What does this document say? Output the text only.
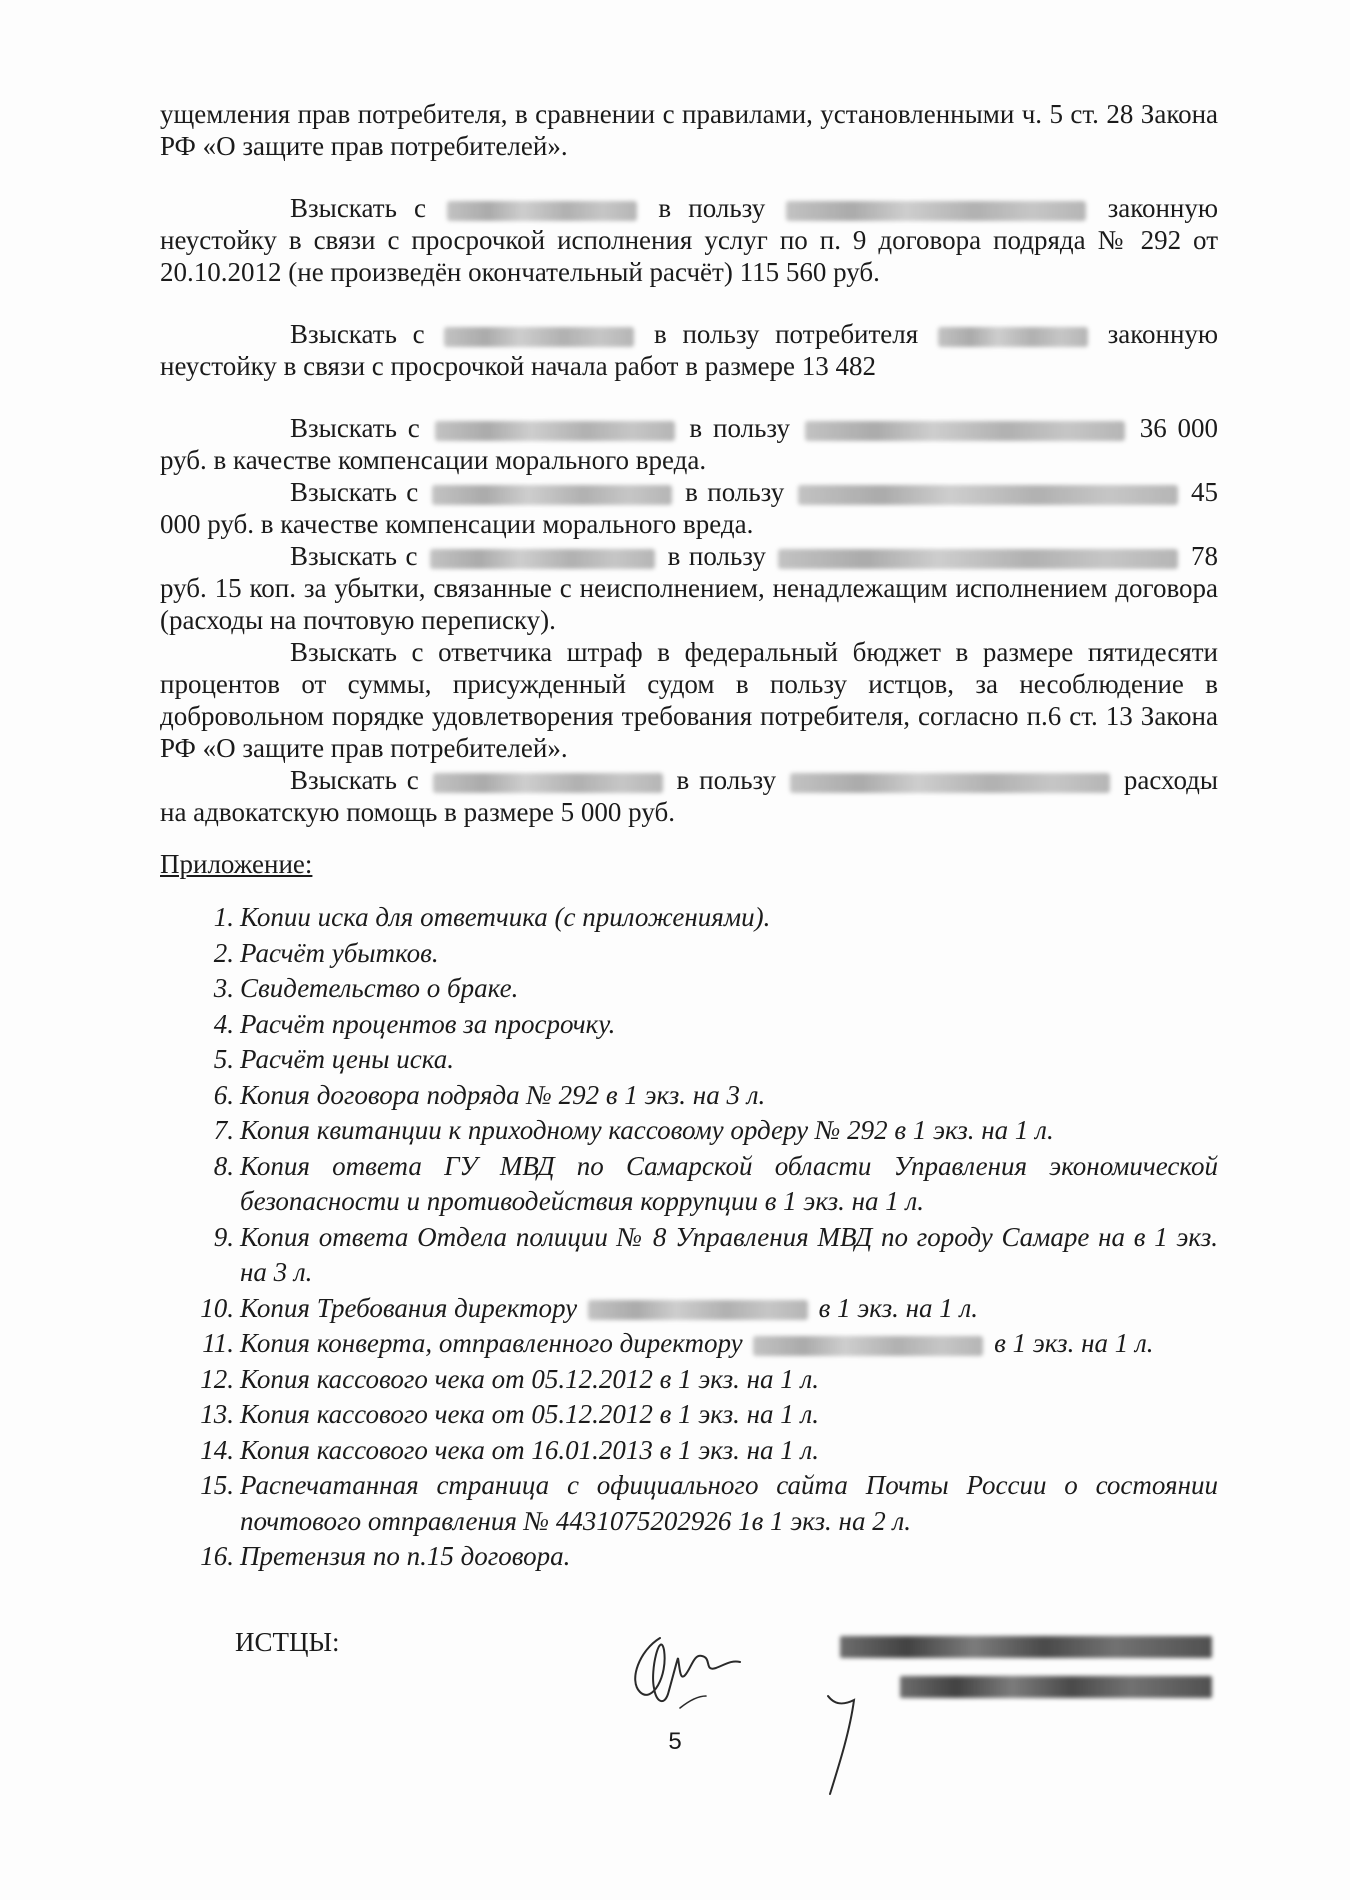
ущемления прав потребителя, в сравнении с правилами, установленными ч. 5 ст. 28 Закона РФ «О защите прав потребителей».

Взыскать с	в пользу	законную неустойку в связи с просрочкой исполнения услуг по п. 9 договора подряда № 292 от 20.10.2012 (не произведён окончательный расчёт) 115 560 руб.

Взыскать с	в пользу потребителя	законную неустойку в связи с просрочкой начала работ в размере 13 482

Взыскать с	в пользу	36 000 руб. в качестве компенсации морального вреда.

Взыскать с	в пользу	45 000 руб. в качестве компенсации морального вреда.

Взыскать с	в пользу	78 руб. 15 коп. за убытки, связанные с неисполнением, ненадлежащим исполнением договора (расходы на почтовую переписку).

Взыскать с ответчика штраф в федеральный бюджет в размере пятидесяти процентов от суммы, присужденный судом в пользу истцов, за несоблюдение в добровольном порядке удовлетворения требования потребителя, согласно п.6 ст. 13 Закона РФ «О защите прав потребителей».

Взыскать с	в пользу	расходы на адвокатскую помощь в размере 5 000 руб.

Приложение:
1. Копии иска для ответчика (с приложениями).
2. Расчёт убытков.
3. Свидетельство о браке.
4. Расчёт процентов за просрочку.
5. Расчёт цены иска.
6. Копия договора подряда № 292 в 1 экз. на 3 л.
7. Копия квитанции к приходному кассовому ордеру № 292 в 1 экз. на 1 л.
8. Копия ответа ГУ МВД по Самарской области Управления экономической безопасности и противодействия коррупции в 1 экз. на 1 л.
9. Копия ответа Отдела полиции № 8 Управления МВД по городу Самаре на в 1 экз. на 3 л.
10. Копия Требования директору	в 1 экз. на 1 л.
11. Копия конверта, отправленного директору	в 1 экз. на 1 л.
12. Копия кассового чека от 05.12.2012 в 1 экз. на 1 л.
13. Копия кассового чека от 05.12.2012 в 1 экз. на 1 л.
14. Копия кассового чека от 16.01.2013 в 1 экз. на 1 л.
15. Распечатанная страница с официального сайта Почты России о состоянии почтового отправления № 4431075202926 1в 1 экз. на 2 л.
16. Претензия по п.15 договора.
ИСТЦЫ:
5
